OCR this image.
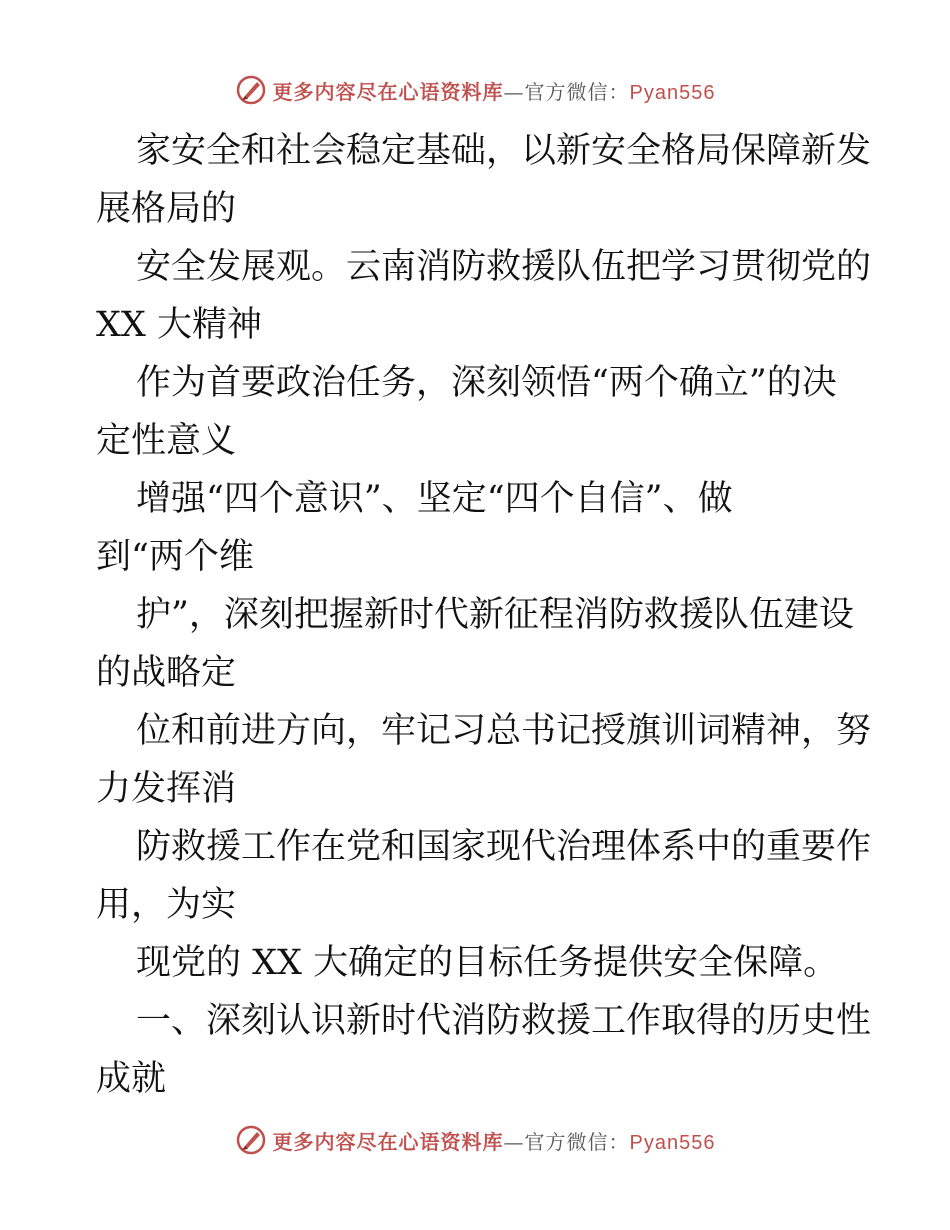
更多内容尽在心语资料库—官方微信：Pyan556

家安全和社会稳定基础，以新安全格局保障新发

展格局的

安全发展观。云南消防救援队伍把学习贯彻党的

XX 大精神

作为首要政治任务，深刻领悟“两个确立”的决

定性意义

增强“四个意识”、坚定“四个自信”、做

到“两个维

护”，深刻把握新时代新征程消防救援队伍建设

的战略定

位和前进方向，牢记习总书记授旗训词精神，努

力发挥消

防救援工作在党和国家现代治理体系中的重要作

用，为实

现党的 XX 大确定的目标任务提供安全保障。

一、深刻认识新时代消防救援工作取得的历史性

成就

更多内容尽在心语资料库—官方微信：Pyan556
